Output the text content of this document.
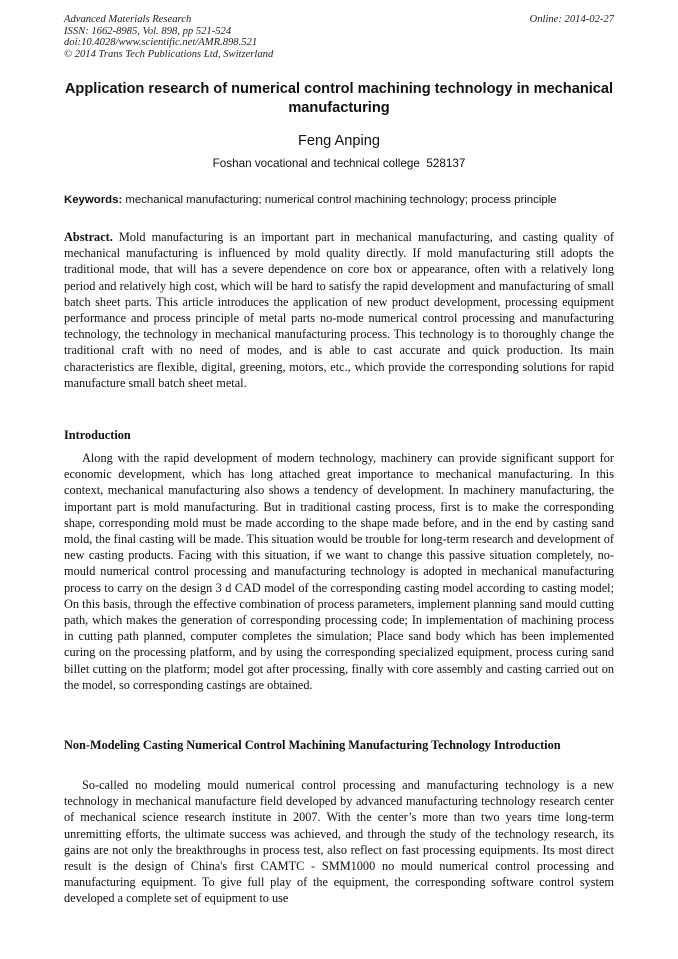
Advanced Materials Research
ISSN: 1662-8985, Vol. 898, pp 521-524
doi:10.4028/www.scientific.net/AMR.898.521
© 2014 Trans Tech Publications Ltd, Switzerland
Online: 2014-02-27
Application research of numerical control machining technology in mechanical manufacturing
Feng Anping
Foshan vocational and technical college  528137
Keywords: mechanical manufacturing; numerical control machining technology; process principle
Abstract. Mold manufacturing is an important part in mechanical manufacturing, and casting quality of mechanical manufacturing is influenced by mold quality directly. If mold manufacturing still adopts the traditional mode, that will has a severe dependence on core box or appearance, often with a relatively long period and relatively high cost, which will be hard to satisfy the rapid development and manufacturing of small batch sheet parts. This article introduces the application of new product development, processing equipment performance and process principle of metal parts no-mode numerical control processing and manufacturing technology, the technology in mechanical manufacturing process. This technology is to thoroughly change the traditional craft with no need of modes, and is able to cast accurate and quick production. Its main characteristics are flexible, digital, greening, motors, etc., which provide the corresponding solutions for rapid manufacture small batch sheet metal.
Introduction
Along with the rapid development of modern technology, machinery can provide significant support for economic development, which has long attached great importance to mechanical manufacturing. In this context, mechanical manufacturing also shows a tendency of development. In machinery manufacturing, the important part is mold manufacturing. But in traditional casting process, first is to make the corresponding shape, corresponding mold must be made according to the shape made before, and in the end by casting sand mold, the final casting will be made. This situation would be trouble for long-term research and development of new casting products. Facing with this situation, if we want to change this passive situation completely, no-mould numerical control processing and manufacturing technology is adopted in mechanical manufacturing process to carry on the design 3 d CAD model of the corresponding casting model according to casting model; On this basis, through the effective combination of process parameters, implement planning sand mould cutting path, which makes the generation of corresponding processing code; In implementation of machining process in cutting path planned, computer completes the simulation; Place sand body which has been implemented curing on the processing platform, and by using the corresponding specialized equipment, process curing sand billet cutting on the platform; model got after processing, finally with core assembly and casting carried out on the model, so corresponding castings are obtained.
Non-Modeling Casting Numerical Control Machining Manufacturing Technology Introduction
So-called no modeling mould numerical control processing and manufacturing technology is a new technology in mechanical manufacture field developed by advanced manufacturing technology research center of mechanical science research institute in 2007. With the center’s more than two years time long-term unremitting efforts, the ultimate success was achieved, and through the study of the technology research, its gains are not only the breakthroughs in process test, also reflect on fast processing equipments. Its most direct result is the design of China's first CAMTC - SMM1000 no mould numerical control processing and manufacturing equipment. To give full play of the equipment, the corresponding software control system developed a complete set of equipment to use
